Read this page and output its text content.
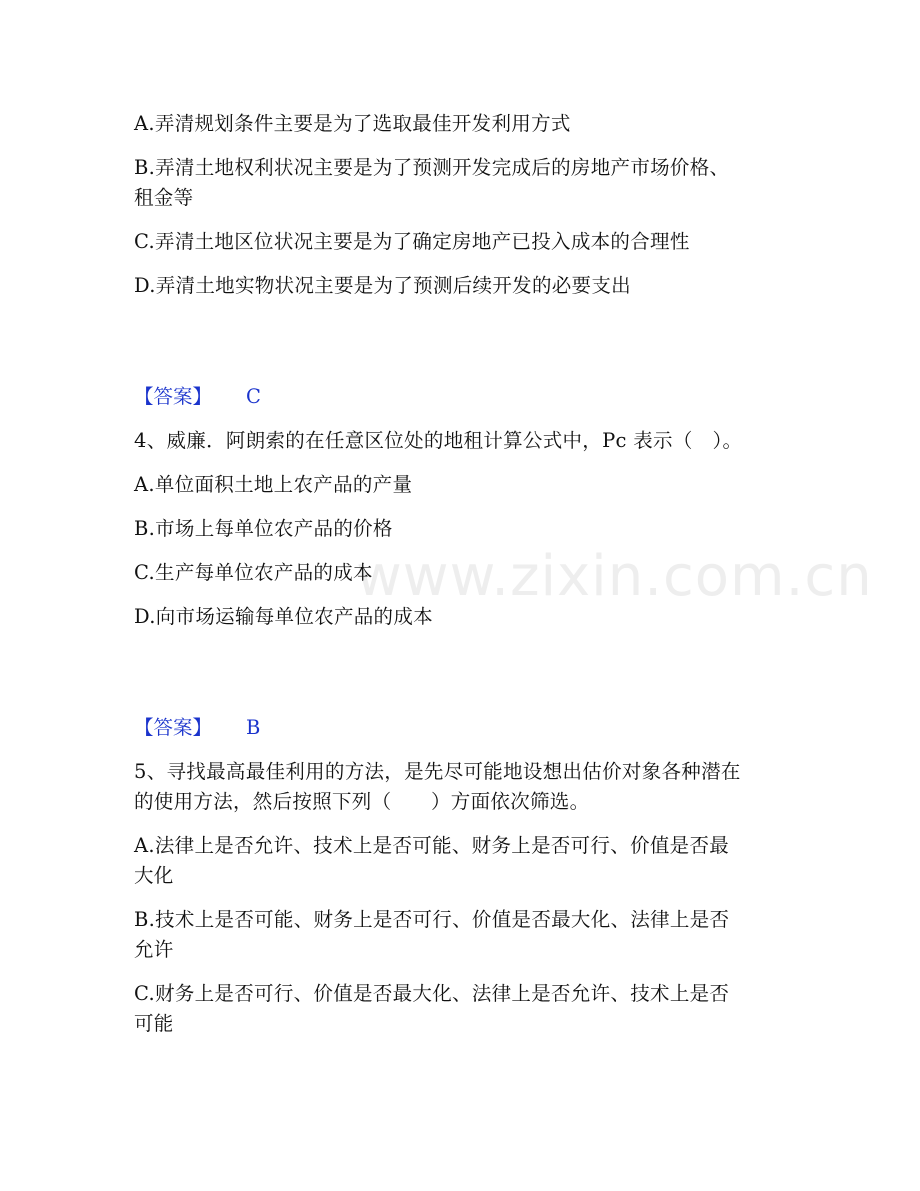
www.zixin.com.cn
A.弄清规划条件主要是为了选取最佳开发利用方式
B.弄清土地权利状况主要是为了预测开发完成后的房地产市场价格、
租金等
C.弄清土地区位状况主要是为了确定房地产已投入成本的合理性
D.弄清土地实物状况主要是为了预测后续开发的必要支出
【答案】 C
4、威廉．阿朗索的在任意区位处的地租计算公式中，Pc 表示（　）。
A.单位面积土地上农产品的产量
B.市场上每单位农产品的价格
C.生产每单位农产品的成本
D.向市场运输每单位农产品的成本
【答案】 B
5、寻找最高最佳利用的方法，是先尽可能地设想出估价对象各种潜在
的使用方法，然后按照下列（　　）方面依次筛选。
A.法律上是否允许、技术上是否可能、财务上是否可行、价值是否最
大化
B.技术上是否可能、财务上是否可行、价值是否最大化、法律上是否
允许
C.财务上是否可行、价值是否最大化、法律上是否允许、技术上是否
可能
